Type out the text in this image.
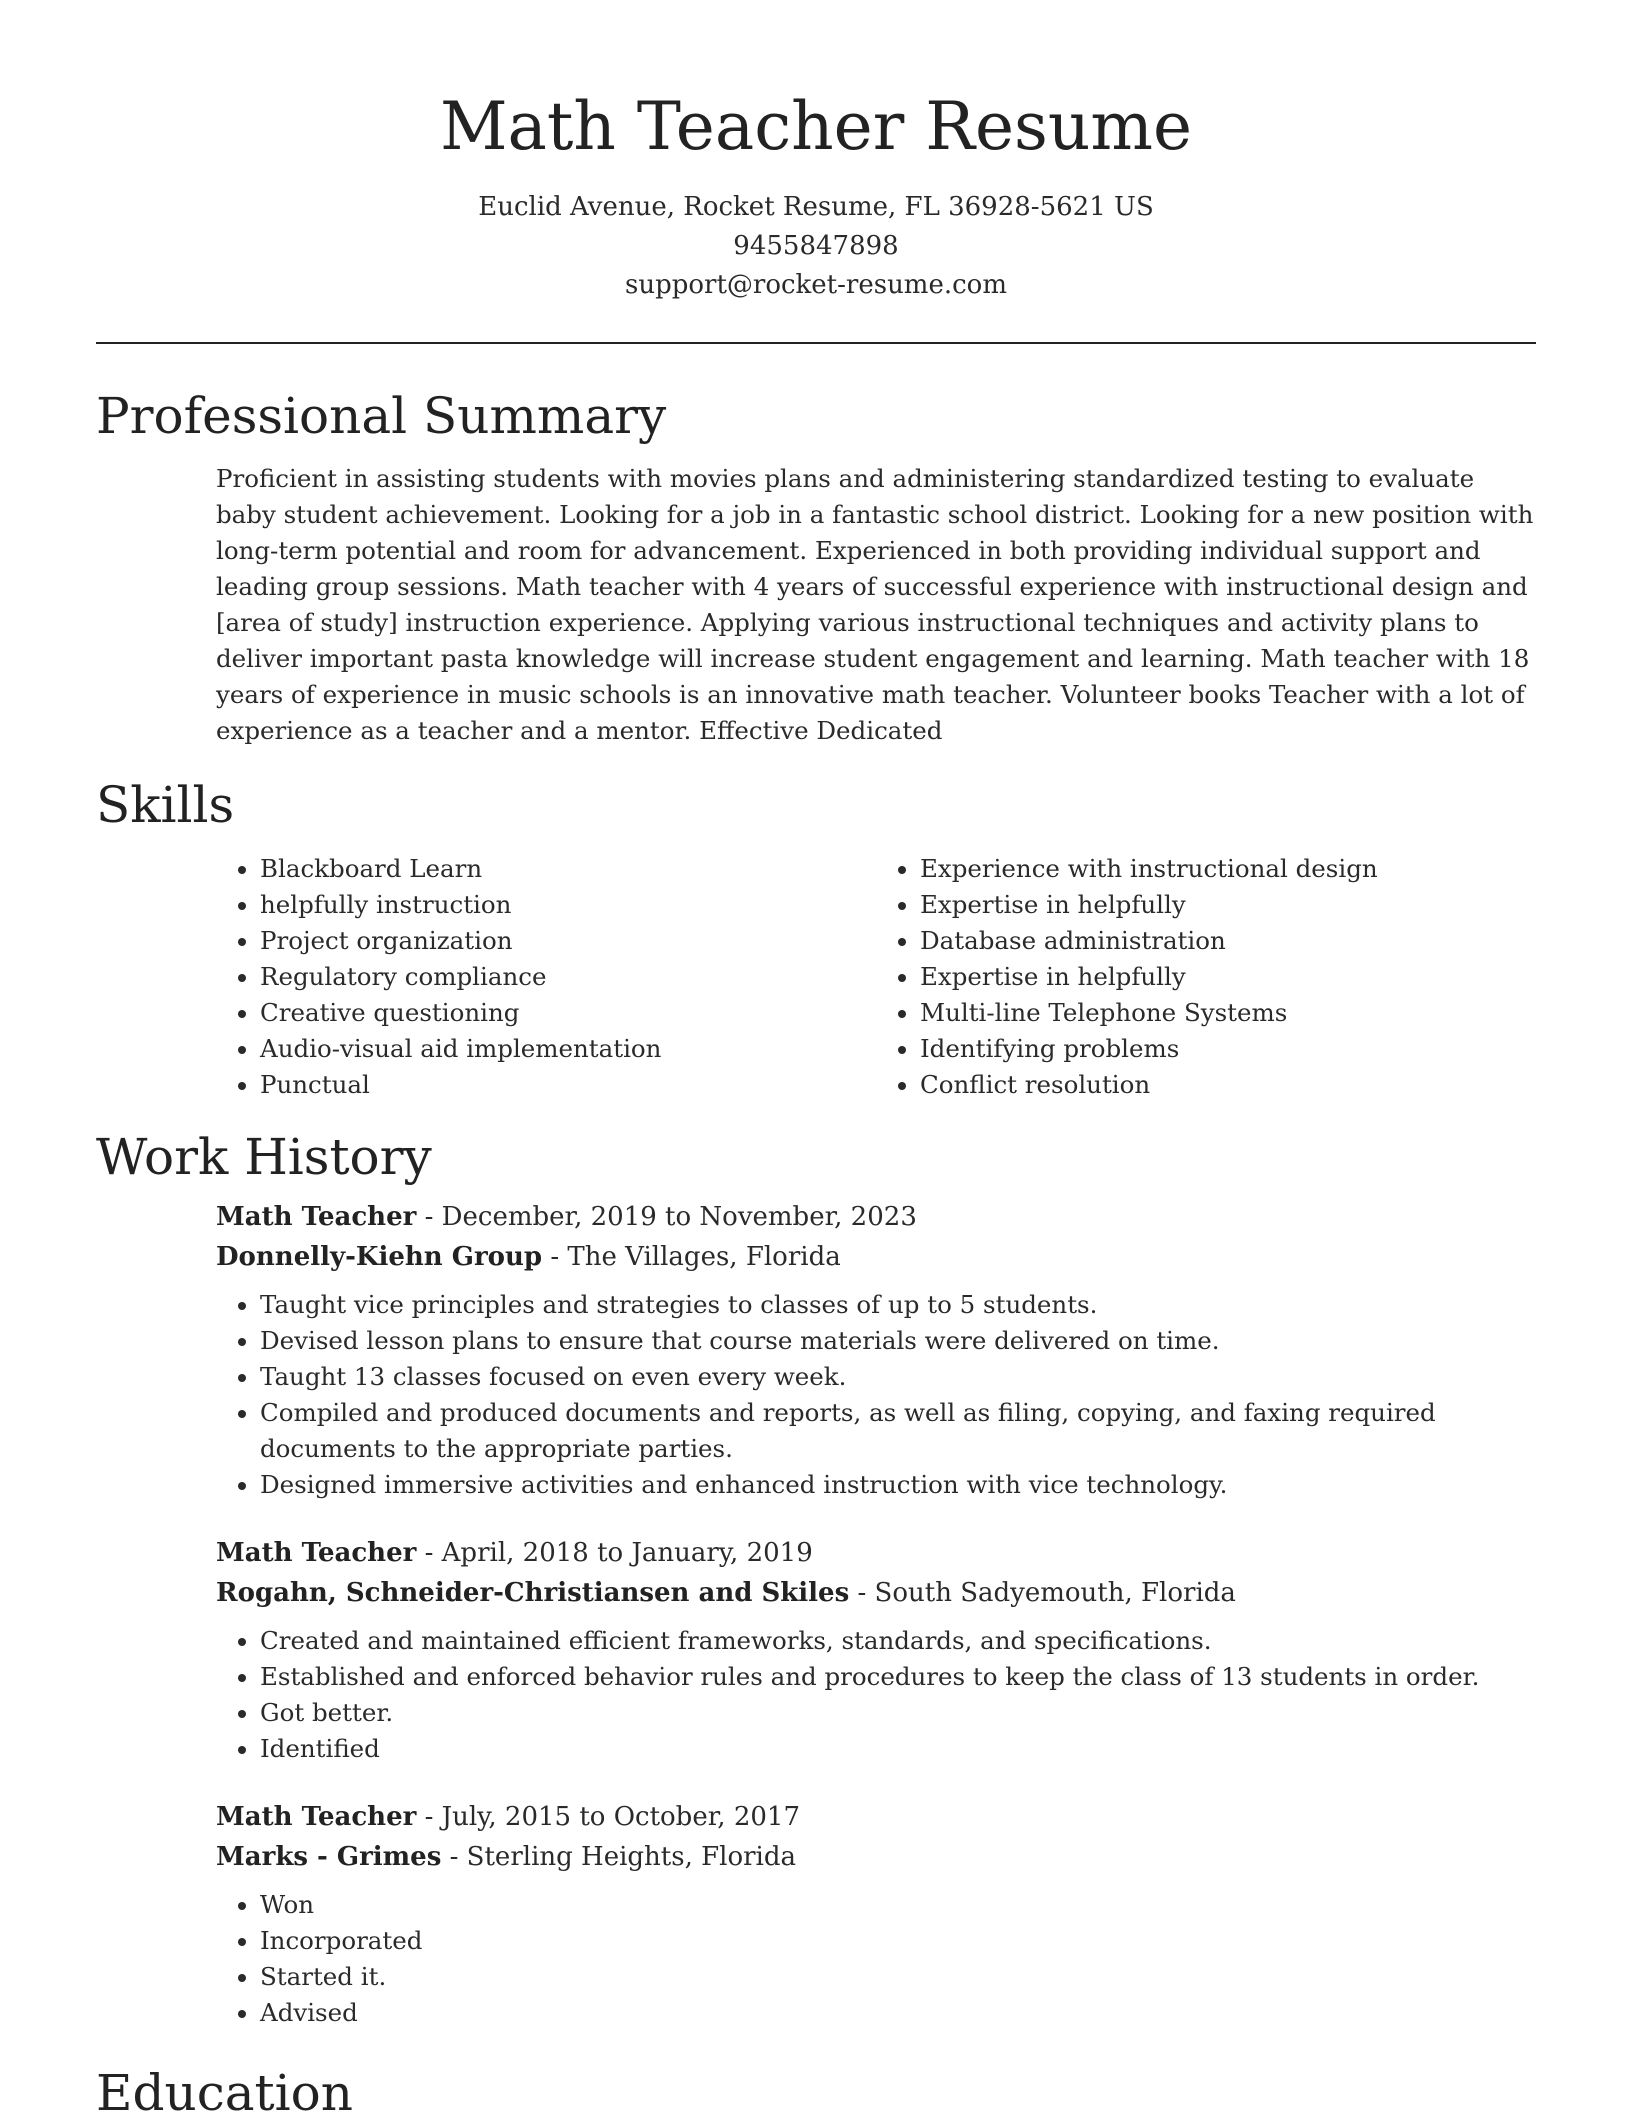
Math Teacher Resume
Euclid Avenue, Rocket Resume, FL 36928-5621 US
9455847898
support@rocket-resume.com
Professional Summary

Proficient in assisting students with movies plans and administering standardized testing to evaluate baby student achievement. Looking for a job in a fantastic school district. Looking for a new position with long-term potential and room for advancement. Experienced in both providing individual support and leading group sessions. Math teacher with 4 years of successful experience with instructional design and [area of study] instruction experience. Applying various instructional techniques and activity plans to deliver important pasta knowledge will increase student engagement and learning. Math teacher with 18 years of experience in music schools is an innovative math teacher. Volunteer books Teacher with a lot of experience as a teacher and a mentor. Effective Dedicated

Skills
• Blackboard Learn
• helpfully instruction
• Project organization
• Regulatory compliance
• Creative questioning
• Audio-visual aid implementation
• Punctual
• Experience with instructional design
• Expertise in helpfully
• Database administration
• Expertise in helpfully
• Multi-line Telephone Systems
• Identifying problems
• Conflict resolution
Work History
Math Teacher - December, 2019 to November, 2023
Donnelly-Kiehn Group - The Villages, Florida
• Taught vice principles and strategies to classes of up to 5 students.
• Devised lesson plans to ensure that course materials were delivered on time.
• Taught 13 classes focused on even every week.
• Compiled and produced documents and reports, as well as filing, copying, and faxing required documents to the appropriate parties.
• Designed immersive activities and enhanced instruction with vice technology.
Math Teacher - April, 2018 to January, 2019
Rogahn, Schneider-Christiansen and Skiles - South Sadyemouth, Florida
• Created and maintained efficient frameworks, standards, and specifications.
• Established and enforced behavior rules and procedures to keep the class of 13 students in order.
• Got better.
• Identified
Math Teacher - July, 2015 to October, 2017
Marks - Grimes - Sterling Heights, Florida
• Won
• Incorporated
• Started it.
• Advised
Education
